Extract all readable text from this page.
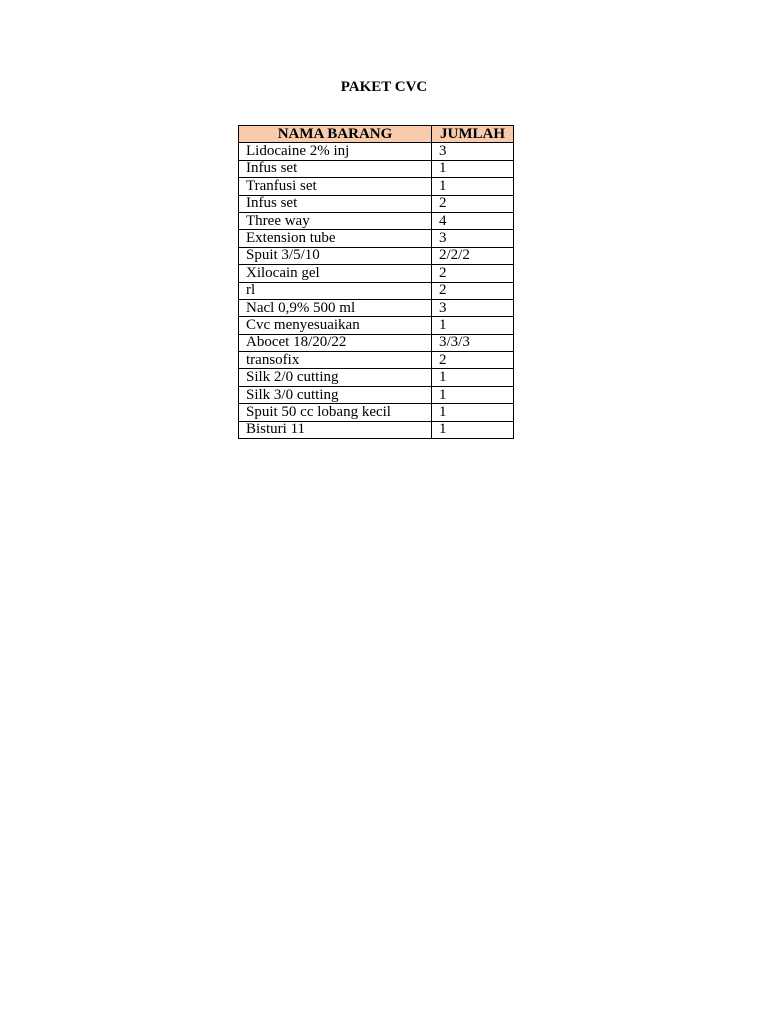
PAKET CVC
NAMA BARANG	JUMLAH
Lidocaine 2% inj	3
Infus set	1
Tranfusi set	1
Infus set	2
Three way	4
Extension tube	3
Spuit 3/5/10	2/2/2
Xilocain gel	2
rl	2
Nacl 0,9% 500 ml	3
Cvc menyesuaikan	1
Abocet 18/20/22	3/3/3
transofix	2
Silk 2/0 cutting	1
Silk 3/0 cutting	1
Spuit 50 cc lobang kecil	1
Bisturi 11	1
